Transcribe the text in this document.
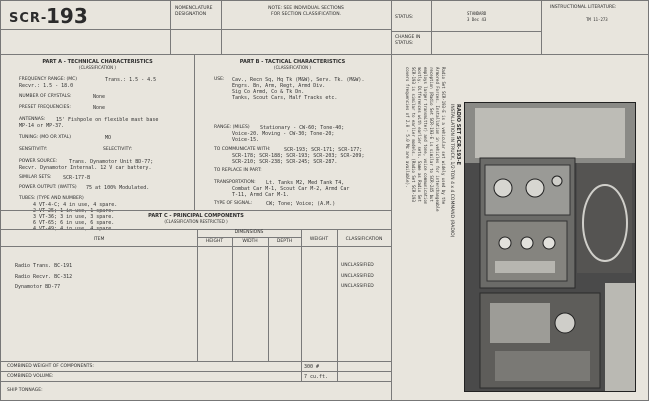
SCR-
193	NOMENCLATURE
DESIGNATION
NOTE: SEE INDIVIDUAL SECTIONS
FOR SECTION CLASSIFICATION.
STATUS:
STANDARD
3 Dec 43
CHANGE IN
STATUS:
INSTRUCTIONAL LITERATURE:
TM 11-273
PART A - TECHNICAL CHARACTERISTICS
(CLASSIFICATION )
FREQUENCY RANGE: (MC)	Trans.: 1.5 - 4.5
Recvr.: 1.5 - 18.0
NUMBER OF CRYSTALS:	None
PRESET FREQUENCIES:	None
ANTENNAS: 15' Fishpole on flexible mast base
MP-14 or MP-37.
TUNING: (MO OR XTAL)	MO
SENSITIVITY:	SELECTIVITY:
POWER SOURCE: Trans. Dynamotor Unit BD-77;
Recvr. Dynamotor Internal. 12 V car battery.
SIMILAR SETS: SCR-177-B
POWER OUTPUT: (WATTS) 75 at 100% Modulated.
TUBES: (TYPE AND NUMBER)
4 VT-4-C; 4 in use, 4 spare.
2 VT-25; 1 in use, 1 spare.
3 VT-36; 3 in use, 3 spare.
6 VT-65; 6 in use, 6 spare.
4 VT-49; 4 in use, 4 spare.
PART B - TACTICAL CHARACTERISTICS
(CLASSIFICATION )
USE: Cav., Recn Sq, Hq Tk (M&W), Serv. Tk. (M&W).
Engrs. Bn, Arm, Regt, Armd Div.
Sig Co Armd, Co & Tk Dn.
Tanks, Scout Cars, Half Tracks etc.
RANGE: (MILES) Stationary - CW-60; Tone-40;
Voice-20. Moving - CW-30; Tone-20;
Voice-15.
TO COMMUNICATE WITH:	SCR-193; SCR-171; SCR-177;
SCR-178; SCR-188; SCR-193; SCR-203; SCR-209;
SCR-210; SCR-238; SCR-245; SCR-287.
TO REPLACE IN PART:
TRANSPORTATION: Lt. Tanks M2, Med Tank T4,
Combat Car M-1, Scout Car M-2, Armd Car
T-11, Armd Car M-1.
TYPE OF SIGNAL:	CW; Tone; Voice; (A.M.)
RADIO SET SCR-193-E
INSTALLATION IN TRUCK, 1/2-TON 4 x 4 COMMAND (RADIO)
Radio Set SCR-193-E is a vehicular set widely used by the
Armored Forces. Installation in vehicles for interchangeable
reception (Radio Set SCR-193-E is similar to SCR-245 but
employs larger transmitter) and tone, voice communication
mostly. Differences with earlier sets. Same as Radio Set
SCR-193 is similar to earlier models. (Radio Set SCR-193
covers frequencies of 2.0 - 5.0 Mc are available).
PART C - PRINCIPAL COMPONENTS
(CLASSIFICATION RESTRICTED )
ITEM
DIMENSIONS
HEIGHT	WIDTH	DEPTH	WEIGHT	CLASSIFICATION
Radio Trans. BC-191	UNCLASSIFIED
Radio Recvr. BC-312	UNCLASSIFIED
Dynamotor BD-77	UNCLASSIFIED
COMBINED WEIGHT OF COMPONENTS:	300 #
COMBINED VOLUME:	7 cu.ft.
SHIP TONNAGE:
